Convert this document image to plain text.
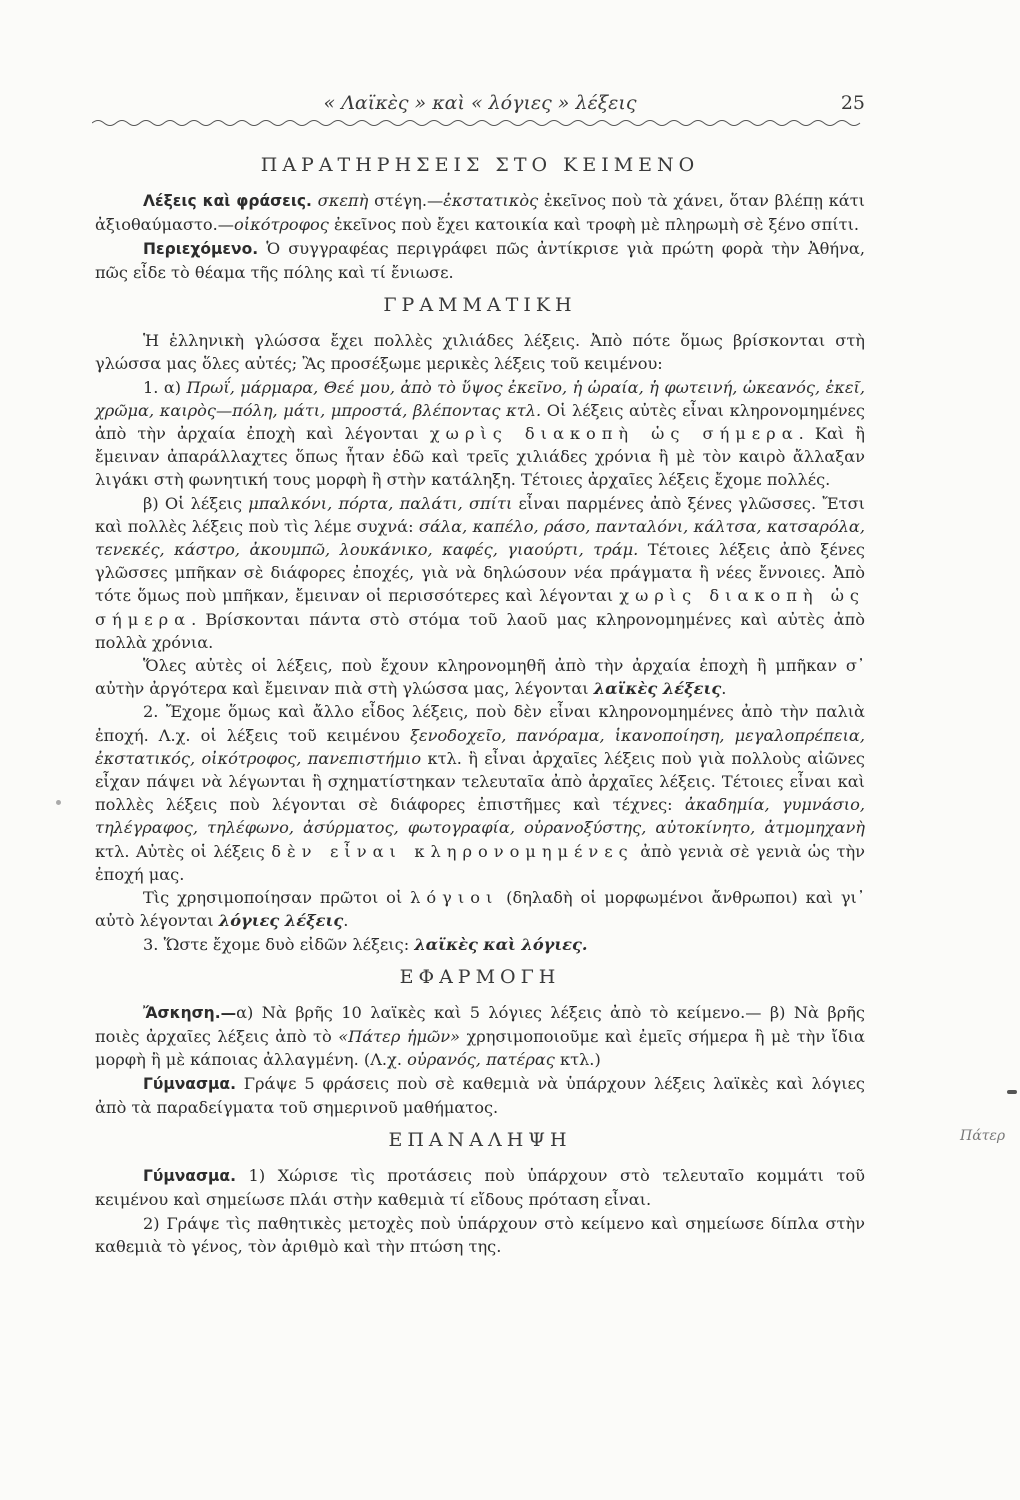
« Λαϊκὲς » καὶ « λόγιες » λέξεις	25
ΠΑΡΑΤΗΡΗΣΕΙΣ ΣΤΟ ΚΕΙΜΕΝΟ

Λέξεις καὶ φράσεις. σκεπὴ στέγη.—ἐκστατικὸς ἐκεῖνος ποὺ τὰ χάνει, ὅταν βλέπῃ κάτι ἀξιοθαύμαστο.—οἰκότροφος ἐκεῖνος ποὺ ἔχει κατοικία καὶ τροφὴ μὲ πληρωμὴ σὲ ξένο σπίτι.

Περιεχόμενο. Ὁ συγγραφέας περιγράφει πῶς ἀντίκρισε γιὰ πρώτη φορὰ τὴν Ἀθήνα, πῶς εἶδε τὸ θέαμα τῆς πόλης καὶ τί ἔνιωσε.

ΓΡΑΜΜΑΤΙΚΗ

Ἡ ἑλληνικὴ γλώσσα ἔχει πολλὲς χιλιάδες λέξεις. Ἀπὸ πότε ὅμως βρίσκονται στὴ γλώσσα μας ὅλες αὐτές; Ἂς προσέξωμε μερικὲς λέξεις τοῦ κειμένου:

1. α) Πρωΐ, μάρμαρα, Θεέ μου, ἀπὸ τὸ ὕψος ἐκεῖνο, ἡ ὡραία, ἡ φωτεινή, ὠκεανός, ἐκεῖ, χρῶμα, καιρὸς—πόλη, μάτι, μπροστά, βλέποντας κτλ. Οἱ λέξεις αὐτὲς εἶναι κληρονομημένες ἀπὸ τὴν ἀρχαία ἐποχὴ καὶ λέγονται χωρὶς διακοπὴ ὡς σήμερα. Καὶ ἢ ἔμειναν ἀπαράλλαχτες ὅπως ἦταν ἐδῶ καὶ τρεῖς χιλιάδες χρόνια ἢ μὲ τὸν καιρὸ ἄλλαξαν λιγάκι στὴ φωνητική τους μορφὴ ἢ στὴν κατάληξη. Τέτοιες ἀρχαῖες λέξεις ἔχομε πολλές.

β) Οἱ λέξεις μπαλκόνι, πόρτα, παλάτι, σπίτι εἶναι παρμένες ἀπὸ ξένες γλῶσσες. Ἔτσι καὶ πολλὲς λέξεις ποὺ τὶς λέμε συχνά: σάλα, καπέλο, ράσο, πανταλόνι, κάλτσα, κατσαρόλα, τενεκές, κάστρο, ἀκουμπῶ, λουκάνικο, καφές, γιαούρτι, τράμ. Τέτοιες λέξεις ἀπὸ ξένες γλῶσσες μπῆκαν σὲ διάφορες ἐποχές, γιὰ νὰ δηλώσουν νέα πράγματα ἢ νέες ἔννοιες. Ἀπὸ τότε ὅμως ποὺ μπῆκαν, ἔμειναν οἱ περισσότερες καὶ λέγονται χωρὶς διακοπὴ ὡς σήμερα. Βρίσκονται πάντα στὸ στόμα τοῦ λαοῦ μας κληρονομημένες καὶ αὐτὲς ἀπὸ πολλὰ χρόνια.

Ὅλες αὐτὲς οἱ λέξεις, ποὺ ἔχουν κληρονομηθῆ ἀπὸ τὴν ἀρχαία ἐποχὴ ἢ μπῆκαν σ᾿ αὐτὴν ἀργότερα καὶ ἔμειναν πιὰ στὴ γλώσσα μας, λέγονται λαϊκὲς λέξεις.

2. Ἔχομε ὅμως καὶ ἄλλο εἶδος λέξεις, ποὺ δὲν εἶναι κληρονομημένες ἀπὸ τὴν παλιὰ ἐποχή. Λ.χ. οἱ λέξεις τοῦ κειμένου ξενοδοχεῖο, πανόραμα, ἱκανοποίηση, μεγαλοπρέπεια, ἐκστατικός, οἰκότροφος, πανεπιστήμιο κτλ. ἢ εἶναι ἀρχαῖες λέξεις ποὺ γιὰ πολλοὺς αἰῶνες εἶχαν πάψει νὰ λέγωνται ἢ σχηματίστηκαν τελευταῖα ἀπὸ ἀρχαῖες λέξεις. Τέτοιες εἶναι καὶ πολλὲς λέξεις ποὺ λέγονται σὲ διάφορες ἐπιστῆμες καὶ τέχνες: ἀκαδημία, γυμνάσιο, τηλέγραφος, τηλέφωνο, ἀσύρματος, φωτογραφία, οὐρανοξύστης, αὐτοκίνητο, ἀτμομηχανὴ κτλ. Αὐτὲς οἱ λέξεις δὲν εἶναι κληρονομημένες ἀπὸ γενιὰ σὲ γενιὰ ὡς τὴν ἐποχή μας.

Τὶς χρησιμοποίησαν πρῶτοι οἱ λόγιοι (δηλαδὴ οἱ μορφωμένοι ἄνθρωποι) καὶ γι᾿ αὐτὸ λέγονται λόγιες λέξεις.

3. Ὥστε ἔχομε δυὸ εἰδῶν λέξεις: λαϊκὲς καὶ λόγιες.

ΕΦΑΡΜΟΓΗ

Ἄσκηση.—α) Νὰ βρῆς 10 λαϊκὲς καὶ 5 λόγιες λέξεις ἀπὸ τὸ κείμενο.— β) Νὰ βρῆς ποιὲς ἀρχαῖες λέξεις ἀπὸ τὸ «Πάτερ ἡμῶν» χρησιμοποιοῦμε καὶ ἐμεῖς σήμερα ἢ μὲ τὴν ἴδια μορφὴ ἢ μὲ κάποιας ἀλλαγμένη. (Λ.χ. οὐρανός, πατέρας κτλ.)

Γύμνασμα. Γράψε 5 φράσεις ποὺ σὲ καθεμιὰ νὰ ὑπάρχουν λέξεις λαϊκὲς καὶ λόγιες ἀπὸ τὰ παραδείγματα τοῦ σημερινοῦ μαθήματος.

ΕΠΑΝΑΛΗΨΗ

Γύμνασμα. 1) Χώρισε τὶς προτάσεις ποὺ ὑπάρχουν στὸ τελευταῖο κομμάτι τοῦ κειμένου καὶ σημείωσε πλάι στὴν καθεμιὰ τί εἴδους πρόταση εἶναι.

2) Γράψε τὶς παθητικὲς μετοχὲς ποὺ ὑπάρχουν στὸ κείμενο καὶ σημείωσε δίπλα στὴν καθεμιὰ τὸ γένος, τὸν ἀριθμὸ καὶ τὴν πτώση της.

Πάτερ
